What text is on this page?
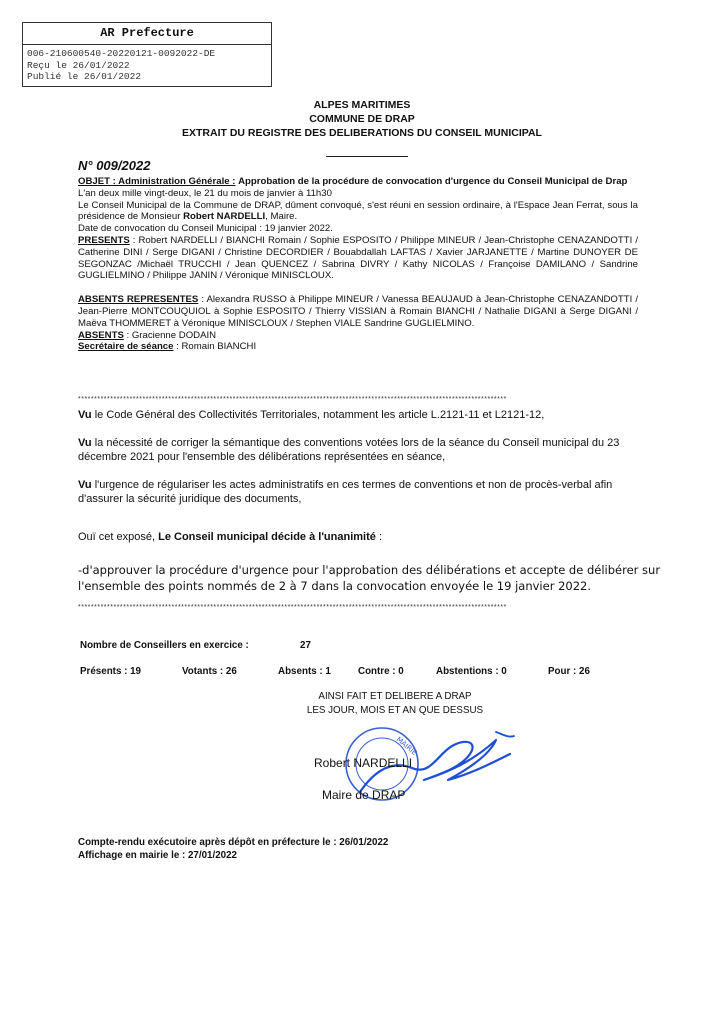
AR Prefecture
006-210600540-20220121-0092022-DE
Reçu le 26/01/2022
Publié le 26/01/2022
ALPES MARITIMES
COMMUNE DE DRAP
EXTRAIT DU REGISTRE DES DELIBERATIONS DU CONSEIL MUNICIPAL
N° 009/2022
OBJET : Administration Générale : Approbation de la procédure de convocation d'urgence du Conseil Municipal de Drap
L'an deux mille vingt-deux, le 21 du mois de janvier à 11h30
Le Conseil Municipal de la Commune de DRAP, dûment convoqué, s'est réuni en session ordinaire, à l'Espace Jean Ferrat, sous la présidence de Monsieur Robert NARDELLI, Maire.
Date de convocation du Conseil Municipal : 19 janvier 2022.
PRESENTS : Robert NARDELLI / BIANCHI Romain / Sophie ESPOSITO / Philippe MINEUR / Jean-Christophe CENAZANDOTTI / Catherine DINI / Serge DIGANI / Christine DECORDIER / Bouabdallah LAFTAS / Xavier JARJANETTE / Martine DUNOYER DE SEGONZAC /Michaël TRUCCHI / Jean QUENCEZ / Sabrina DIVRY / Kathy NICOLAS / Françoise DAMILANO / Sandrine GUGLIELMINO / Philippe JANIN / Véronique MINISCLOUX.
ABSENTS REPRESENTES : Alexandra RUSSO à Philippe MINEUR / Vanessa BEAUJAUD à Jean-Christophe CENAZANDOTTI / Jean-Pierre MONTCOUQUIOL à Sophie ESPOSITO / Thierry VISSIAN à Romain BIANCHI / Nathalie DIGANI à Serge DIGANI / Maëva THOMMERET à Véronique MINISCLOUX / Stephen VIALE Sandrine GUGLIELMINO.
ABSENTS : Gracienne DODAIN
Secrétaire de séance : Romain BIANCHI
*************************************************************************************************************************************
Vu le Code Général des Collectivités Territoriales, notamment les article L.2121-11 et L2121-12,
Vu la nécessité de corriger la sémantique des conventions votées lors de la séance du Conseil municipal du 23 décembre 2021 pour l'ensemble des délibérations représentées en séance,
Vu l'urgence de régulariser les actes administratifs en ces termes de conventions et non de procès-verbal afin d'assurer la sécurité juridique des documents,
Ouï cet exposé, Le Conseil municipal décide à l'unanimité :
-d'approuver la procédure d'urgence pour l'approbation des délibérations et accepte de délibérer sur l'ensemble des points nommés de 2 à 7 dans la convocation envoyée le 19 janvier 2022.
*************************************************************************************************************************************
Nombre de Conseillers en exercice :	27
Présents : 19	Votants : 26	Absents : 1	Contre : 0	Abstentions : 0	Pour : 26
AINSI FAIT ET DELIBERE A DRAP
LES JOUR, MOIS ET AN QUE DESSUS
MAIRIE
Robert NARDELLI
Maire de DRAP
Compte-rendu exécutoire après dépôt en préfecture le : 26/01/2022
Affichage en mairie le : 27/01/2022
